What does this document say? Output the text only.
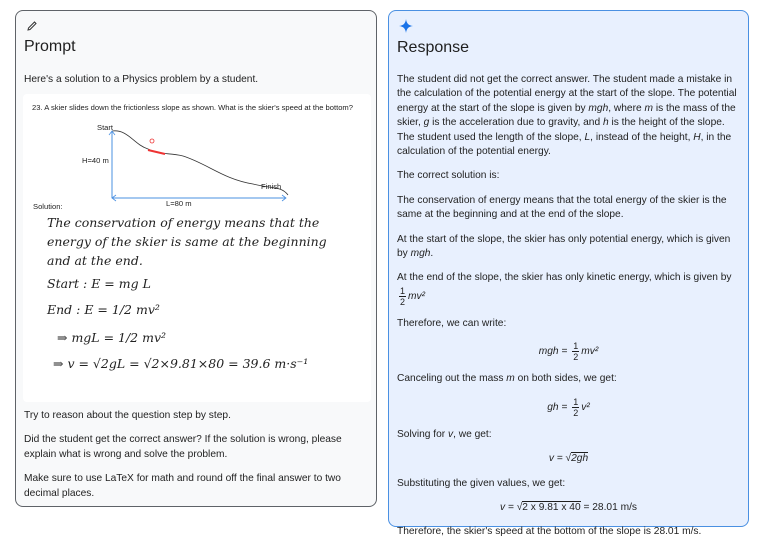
Prompt
Here's a solution to a Physics problem by a student.
23. A skier slides down the frictionless slope as shown. What is the skier's speed at the bottom?
Start
H=40 m
Finish
L=80 m
Solution:
The conservation of energy means that the
energy of the skier is same at the beginning
and at the end.
Start : E = mg L
End : E = 1/2 mv²
⇒ mgL = 1/2 mv²
⇒ v = √2gL = √2×9.81×80 = 39.6 m·s⁻¹

Try to reason about the question step by step.

Did the student get the correct answer? If the solution is wrong, please explain what is wrong and solve the problem.

Make sure to use LaTeX for math and round off the final answer to two decimal places.

Response

The student did not get the correct answer. The student made a mistake in the calculation of the potential energy at the start of the slope. The potential energy at the start of the slope is given by mgh, where m is the mass of the skier, g is the acceleration due to gravity, and h is the height of the slope. The student used the length of the slope, L, instead of the height, H, in the calculation of the potential energy.

The correct solution is:

The conservation of energy means that the total energy of the skier is the same at the beginning and at the end of the slope.

At the start of the slope, the skier has only potential energy, which is given by mgh.

At the end of the slope, the skier has only kinetic energy, which is given by

$\frac{1}{2} mv^2$

Therefore, we can write:

mgh = $\frac{1}{2} mv^2$

Canceling out the mass m on both sides, we get:

gh = $\frac{1}{2} v^2$

Solving for v, we get:

v = √2gh

Substituting the given values, we get:

v = √2 x 9.81 x 40 = 28.01 m/s

Therefore, the skier's speed at the bottom of the slope is 28.01 m/s.
